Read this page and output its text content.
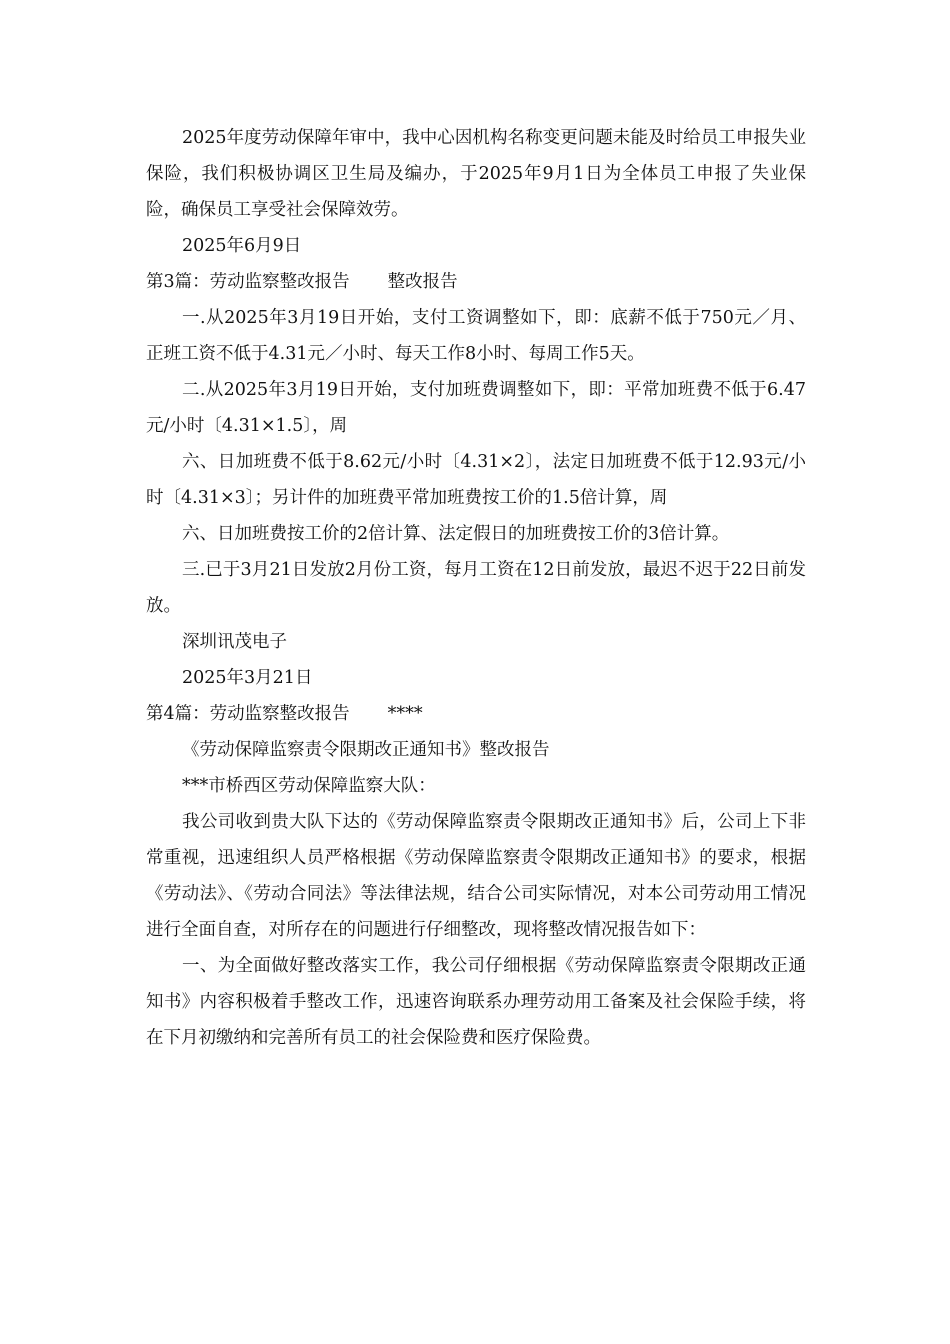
2025年度劳动保障年审中，我中心因机构名称变更问题未能及时给员工申报失业保险，我们积极协调区卫生局及编办，于2025年9月1日为全体员工申报了失业保险，确保员工享受社会保障效劳。

2025年6月9日

第3篇：劳动监察整改报告 整改报告

一.从2025年3月19日开始，支付工资调整如下，即：底薪不低于750元／月、正班工资不低于4.31元／小时、每天工作8小时、每周工作5天。

二.从2025年3月19日开始，支付加班费调整如下，即：平常加班费不低于6.47元/小时〔4.31×1.5〕，周

六、日加班费不低于8.62元/小时〔4.31×2〕，法定日加班费不低于12.93元/小时〔4.31×3〕；另计件的加班费平常加班费按工价的1.5倍计算，周

六、日加班费按工价的2倍计算、法定假日的加班费按工价的3倍计算。

三.已于3月21日发放2月份工资，每月工资在12日前发放，最迟不迟于22日前发放。

深圳讯茂电子

2025年3月21日

第4篇：劳动监察整改报告 ****

《劳动保障监察责令限期改正通知书》整改报告

***市桥西区劳动保障监察大队：

我公司收到贵大队下达的《劳动保障监察责令限期改正通知书》后，公司上下非常重视，迅速组织人员严格根据《劳动保障监察责令限期改正通知书》的要求，根据《劳动法》、《劳动合同法》等法律法规，结合公司实际情况，对本公司劳动用工情况进行全面自查，对所存在的问题进行仔细整改，现将整改情况报告如下：

一、为全面做好整改落实工作，我公司仔细根据《劳动保障监察责令限期改正通知书》内容积极着手整改工作，迅速咨询联系办理劳动用工备案及社会保险手续，将在下月初缴纳和完善所有员工的社会保险费和医疗保险费。
